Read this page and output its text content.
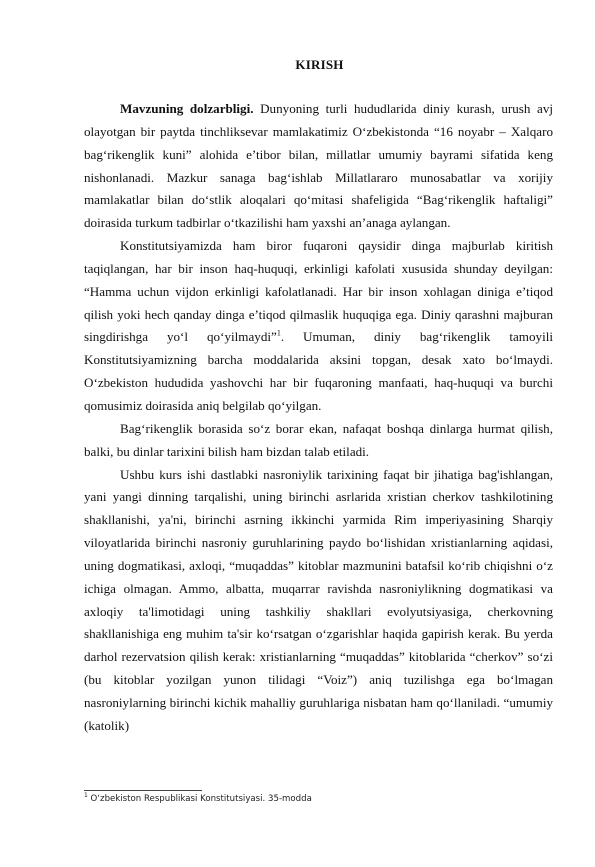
KIRISH

Mavzuning dolzarbligi. Dunyoning turli hududlarida diniy kurash, urush avj olayotgan bir paytda tinchliksevar mamlakatimiz O‘zbekistonda “16 noyabr – Xalqaro bag‘rikenglik kuni” alohida e’tibor bilan, millatlar umumiy bayrami sifatida keng nishonlanadi. Mazkur sanaga bag‘ishlab Millatlararo munosabatlar va xorijiy mamlakatlar bilan do‘stlik aloqalari qo‘mitasi shafeligida “Bag‘rikenglik haftaligi” doirasida turkum tadbirlar o‘tkazilishi ham yaxshi an’anaga aylangan.

Konstitutsiyamizda ham biror fuqaroni qaysidir dinga majburlab kiritish taqiqlangan, har bir inson haq-huquqi, erkinligi kafolati xususida shunday deyilgan: “Hamma uchun vijdon erkinligi kafolatlanadi. Har bir inson xohlagan diniga e’tiqod qilish yoki hech qanday dinga e’tiqod qilmaslik huquqiga ega. Diniy qarashni majburan singdirishga yo‘l qo‘yilmaydi”$^1$. Umuman, diniy bag‘rikenglik tamoyili Konstitutsiyamizning barcha moddalarida aksini topgan, desak xato bo‘lmaydi. O‘zbekiston hududida yashovchi har bir fuqaroning manfaati, haq-huquqi va burchi qomusimiz doirasida aniq belgilab qo‘yilgan.

Bag‘rikenglik borasida so‘z borar ekan, nafaqat boshqa dinlarga hurmat qilish, balki, bu dinlar tarixini bilish ham bizdan talab etiladi.

Ushbu kurs ishi dastlabki nasroniylik tarixining faqat bir jihatiga bag'ishlangan, yani yangi dinning tarqalishi, uning birinchi asrlarida xristian cherkov tashkilotining shakllanishi, ya'ni, birinchi asrning ikkinchi yarmida Rim imperiyasining Sharqiy viloyatlarida birinchi nasroniy guruhlarining paydo bo‘lishidan xristianlarning aqidasi, uning dogmatikasi, axloqi, “muqaddas” kitoblar mazmunini batafsil ko‘rib chiqishni o‘z ichiga olmagan. Ammo, albatta, muqarrar ravishda nasroniylikning dogmatikasi va axloqiy ta'limotidagi uning tashkiliy shakllari evolyutsiyasiga, cherkovning shakllanishiga eng muhim ta'sir ko‘rsatgan o‘zgarishlar haqida gapirish kerak. Bu yerda darhol rezervatsion qilish kerak: xristianlarning “muqaddas” kitoblarida “cherkov” so‘zi (bu kitoblar yozilgan yunon tilidagi “Voiz”) aniq tuzilishga ega bo‘lmagan nasroniylarning birinchi kichik mahalliy guruhlariga nisbatan ham qo‘llaniladi. “umumiy (katolik)

$^1$ O‘zbekiston Respublikasi Konstitutsiyasi. 35-modda
